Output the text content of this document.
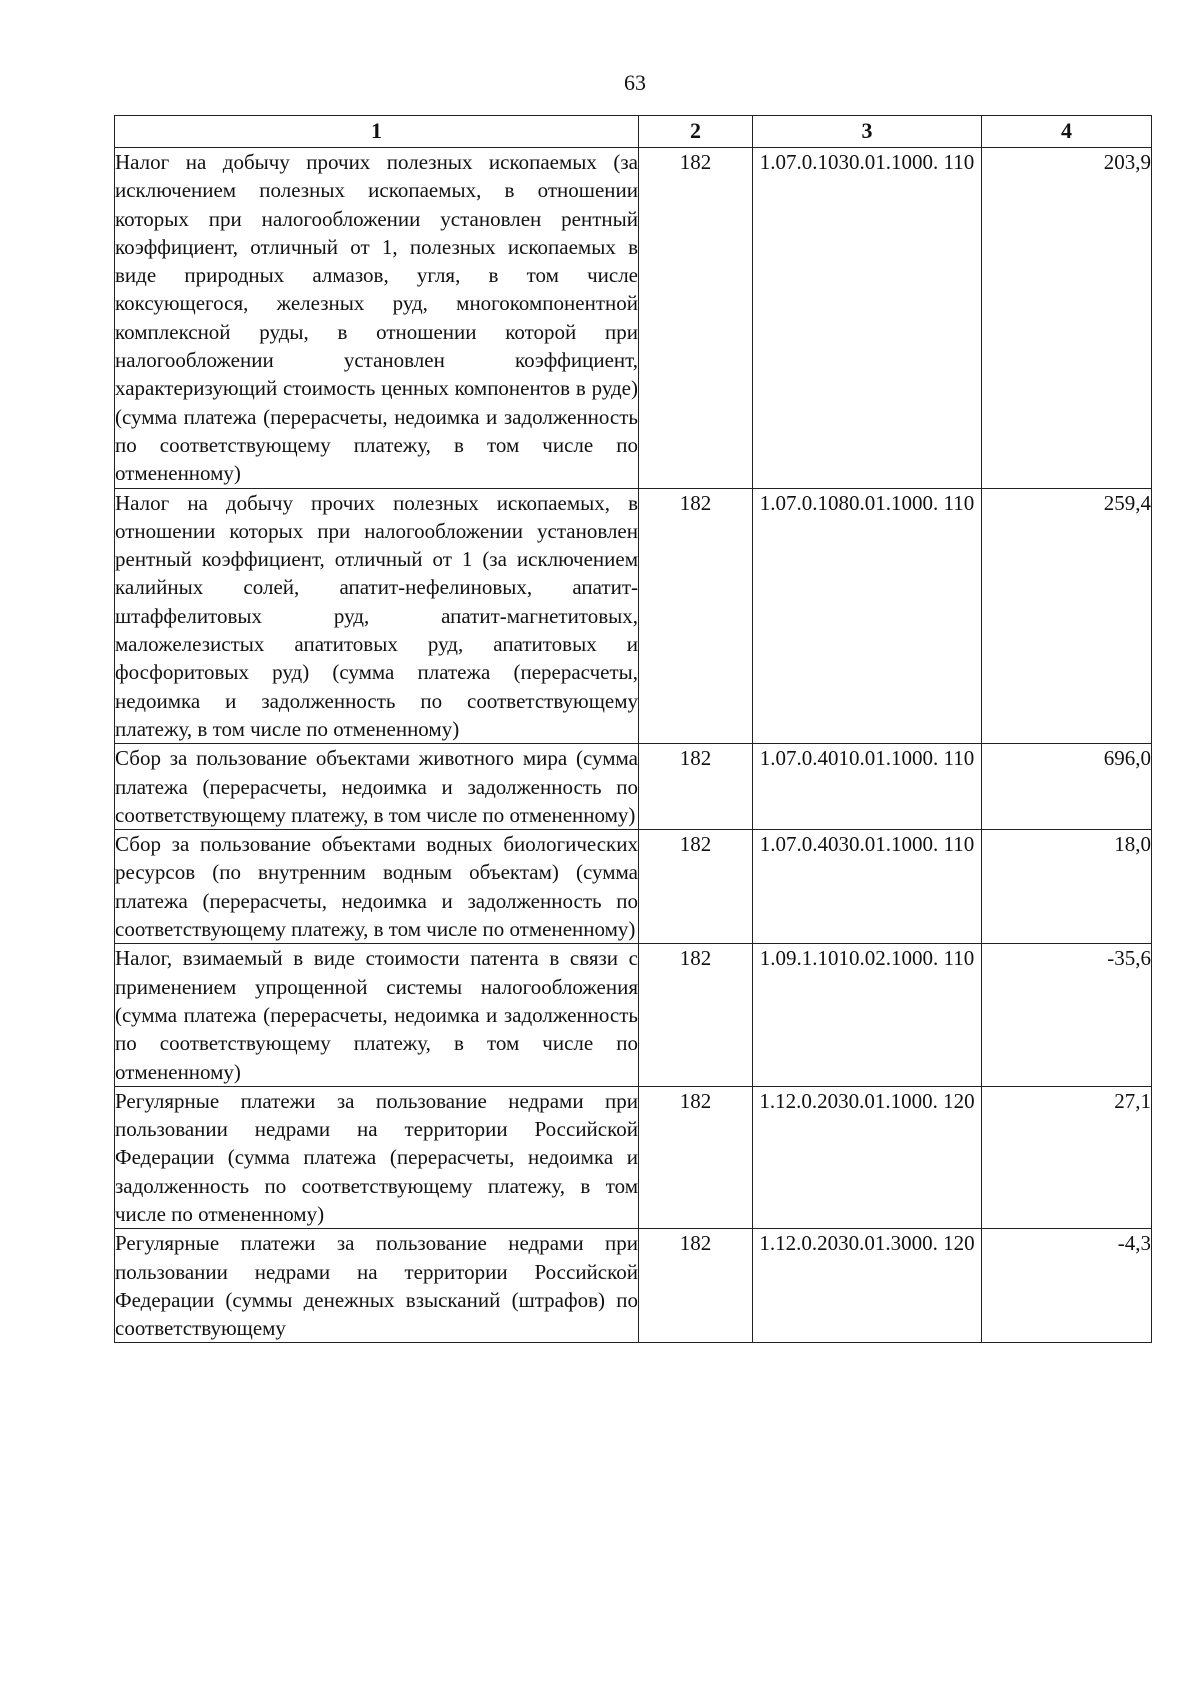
63
1	2	3	4
Налог на добычу прочих полезных ископаемых (за исключением полезных ископаемых, в отношении которых при налогообложении установлен рентный коэффициент, отличный от 1, полезных ископаемых в виде природных алмазов, угля, в том числе коксующегося, железных руд, многокомпонентной комплексной руды, в отношении которой при налогообложении установлен коэффициент, характеризующий стоимость ценных компонентов в руде) (сумма платежа (перерасчеты, недоимка и задолженность по соответствующему платежу, в том числе по отмененному)	182	1.07.0.1030.01.1000. 110	203,9
Налог на добычу прочих полезных ископаемых, в отношении которых при налогообложении установлен рентный коэффициент, отличный от 1 (за исключением калийных солей, апатит-нефелиновых, апатит-штаффелитовых руд, апатит-магнетитовых, маложелезистых апатитовых руд, апатитовых и фосфоритовых руд) (сумма платежа (перерасчеты, недоимка и задолженность по соответствующему платежу, в том числе по отмененному)	182	1.07.0.1080.01.1000. 110	259,4
Сбор за пользование объектами животного мира (сумма платежа (перерасчеты, недоимка и задолженность по соответствующему платежу, в том числе по отмененному)	182	1.07.0.4010.01.1000. 110	696,0
Сбор за пользование объектами водных биологических ресурсов (по внутренним водным объектам) (сумма платежа (перерасчеты, недоимка и задолженность по соответствующему платежу, в том числе по отмененному)	182	1.07.0.4030.01.1000. 110	18,0
Налог, взимаемый в виде стоимости патента в связи с применением упрощенной системы налогообложения (сумма платежа (перерасчеты, недоимка и задолженность по соответствующему платежу, в том числе по отмененному)	182	1.09.1.1010.02.1000. 110	-35,6
Регулярные платежи за пользование недрами при пользовании недрами на территории Российской Федерации (сумма платежа (перерасчеты, недоимка и задолженность по соответствующему платежу, в том числе по отмененному)	182	1.12.0.2030.01.1000. 120	27,1
Регулярные платежи за пользование недрами при пользовании недрами на территории Российской Федерации (суммы денежных взысканий (штрафов) по соответствующему	182	1.12.0.2030.01.3000. 120	-4,3
